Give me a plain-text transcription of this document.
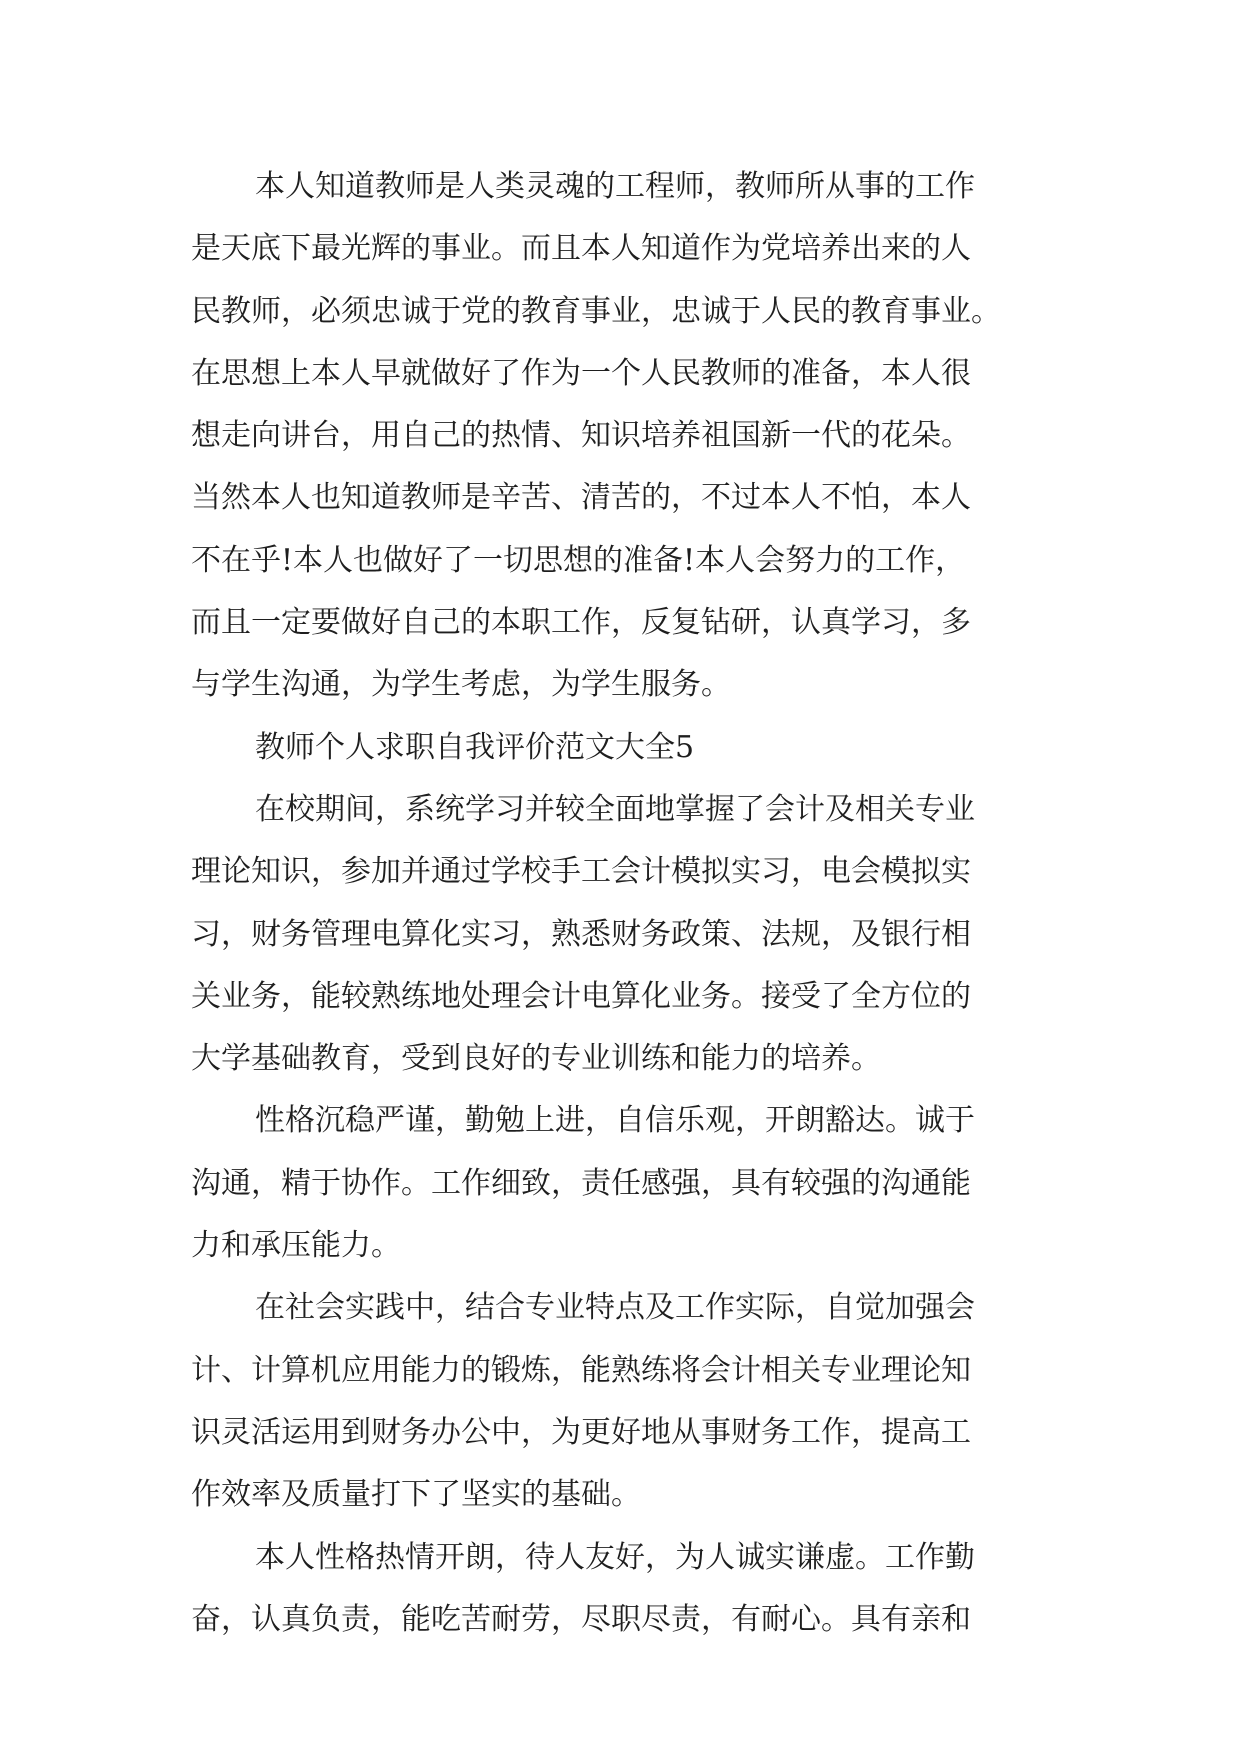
本人知道教师是人类灵魂的工程师，教师所从事的工作
是天底下最光辉的事业。而且本人知道作为党培养出来的人
民教师，必须忠诚于党的教育事业，忠诚于人民的教育事业。
在思想上本人早就做好了作为一个人民教师的准备，本人很
想走向讲台，用自己的热情、知识培养祖国新一代的花朵。
当然本人也知道教师是辛苦、清苦的，不过本人不怕，本人
不在乎!本人也做好了一切思想的准备!本人会努力的工作，
而且一定要做好自己的本职工作，反复钻研，认真学习，多
与学生沟通，为学生考虑，为学生服务。
教师个人求职自我评价范文大全5
在校期间，系统学习并较全面地掌握了会计及相关专业
理论知识，参加并通过学校手工会计模拟实习，电会模拟实
习，财务管理电算化实习，熟悉财务政策、法规，及银行相
关业务，能较熟练地处理会计电算化业务。接受了全方位的
大学基础教育，受到良好的专业训练和能力的培养。
性格沉稳严谨，勤勉上进，自信乐观，开朗豁达。诚于
沟通，精于协作。工作细致，责任感强，具有较强的沟通能
力和承压能力。
在社会实践中，结合专业特点及工作实际，自觉加强会
计、计算机应用能力的锻炼，能熟练将会计相关专业理论知
识灵活运用到财务办公中，为更好地从事财务工作，提高工
作效率及质量打下了坚实的基础。
本人性格热情开朗，待人友好，为人诚实谦虚。工作勤
奋，认真负责，能吃苦耐劳，尽职尽责，有耐心。具有亲和
